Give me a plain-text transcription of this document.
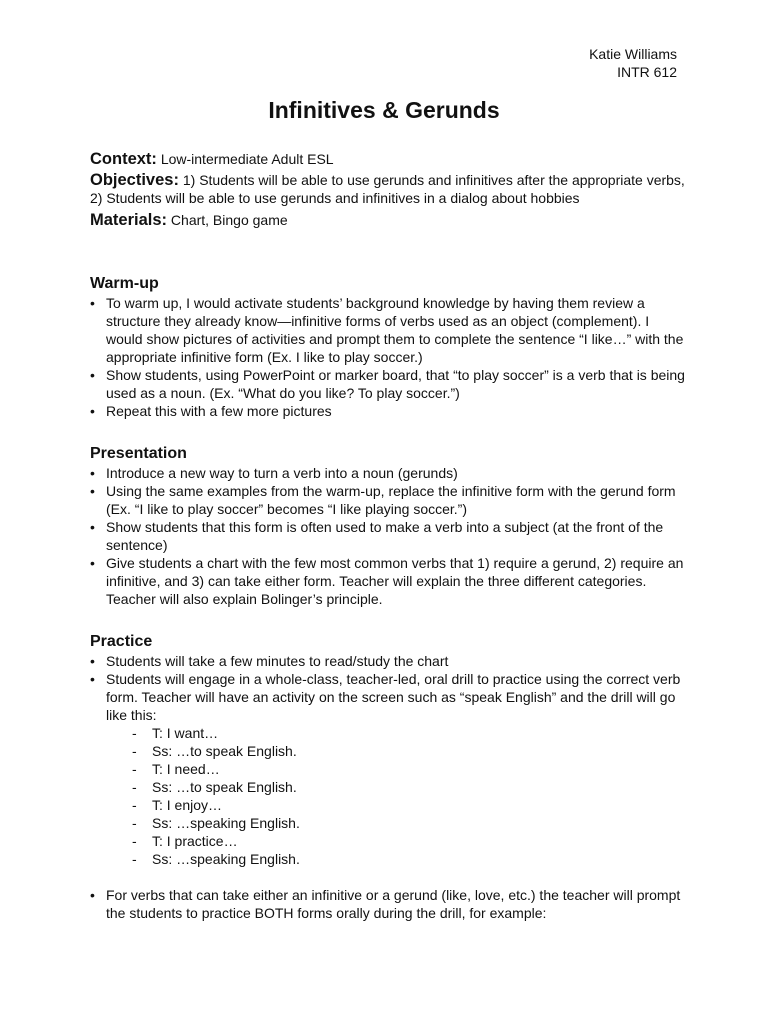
Katie Williams
INTR 612
Infinitives & Gerunds
Context: Low-intermediate Adult ESL
Objectives: 1) Students will be able to use gerunds and infinitives after the appropriate verbs, 2) Students will be able to use gerunds and infinitives in a dialog about hobbies
Materials: Chart, Bingo game
Warm-up
• To warm up, I would activate students’ background knowledge by having them review a structure they already know—infinitive forms of verbs used as an object (complement). I would show pictures of activities and prompt them to complete the sentence “I like…” with the appropriate infinitive form (Ex. I like to play soccer.)
• Show students, using PowerPoint or marker board, that “to play soccer” is a verb that is being used as a noun. (Ex. “What do you like? To play soccer.”)
• Repeat this with a few more pictures
Presentation
• Introduce a new way to turn a verb into a noun (gerunds)
• Using the same examples from the warm-up, replace the infinitive form with the gerund form (Ex. “I like to play soccer” becomes “I like playing soccer.”)
• Show students that this form is often used to make a verb into a subject (at the front of the sentence)
• Give students a chart with the few most common verbs that 1) require a gerund, 2) require an infinitive, and 3) can take either form. Teacher will explain the three different categories. Teacher will also explain Bolinger’s principle.
Practice
• Students will take a few minutes to read/study the chart
• Students will engage in a whole-class, teacher-led, oral drill to practice using the correct verb form. Teacher will have an activity on the screen such as “speak English” and the drill will go like this:
- T: I want…
- Ss: …to speak English.
- T: I need…
- Ss: …to speak English.
- T: I enjoy…
- Ss: …speaking English.
- T: I practice…
- Ss: …speaking English.
• For verbs that can take either an infinitive or a gerund (like, love, etc.) the teacher will prompt the students to practice BOTH forms orally during the drill, for example:
